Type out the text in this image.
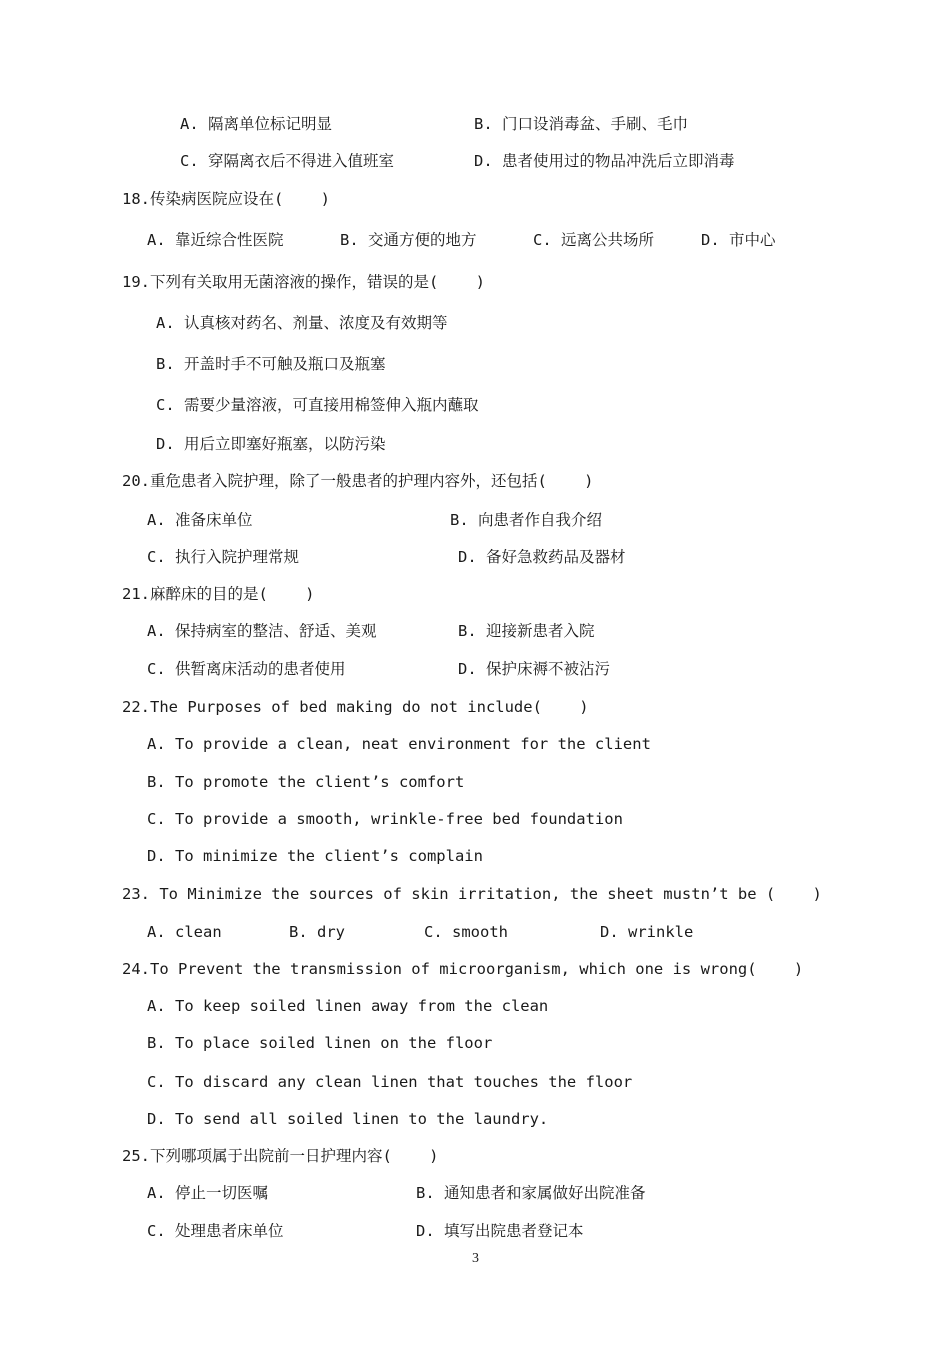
A. 隔离单位标记明显	B. 门口设消毒盆、手刷、毛巾
C. 穿隔离衣后不得进入值班室	D. 患者使用过的物品冲洗后立即消毒
18.传染病医院应设在(    )
A. 靠近综合性医院	B. 交通方便的地方	C. 远离公共场所	D. 市中心
19.下列有关取用无菌溶液的操作，错误的是(    )
A. 认真核对药名、剂量、浓度及有效期等
B. 开盖时手不可触及瓶口及瓶塞
C. 需要少量溶液，可直接用棉签伸入瓶内蘸取
D. 用后立即塞好瓶塞，以防污染
20.重危患者入院护理，除了一般患者的护理内容外，还包括(    )
A. 准备床单位	B. 向患者作自我介绍
C. 执行入院护理常规	D. 备好急救药品及器材
21.麻醉床的目的是(    )
A. 保持病室的整洁、舒适、美观	B. 迎接新患者入院
C. 供暂离床活动的患者使用	D. 保护床褥不被沾污
22.The Purposes of bed making do not include(    )
A. To provide a clean, neat environment for the client
B. To promote the client’s comfort
C. To provide a smooth, wrinkle-free bed foundation
D. To minimize the client’s complain
23. To Minimize the sources of skin irritation, the sheet mustn’t be (    )
A. clean	B. dry	C. smooth	D. wrinkle
24.To Prevent the transmission of microorganism, which one is wrong(    )
A. To keep soiled linen away from the clean
B. To place soiled linen on the floor
C. To discard any clean linen that touches the floor
D. To send all soiled linen to the laundry.
25.下列哪项属于出院前一日护理内容(    )
A. 停止一切医嘱	B. 通知患者和家属做好出院准备
C. 处理患者床单位	D. 填写出院患者登记本
3
